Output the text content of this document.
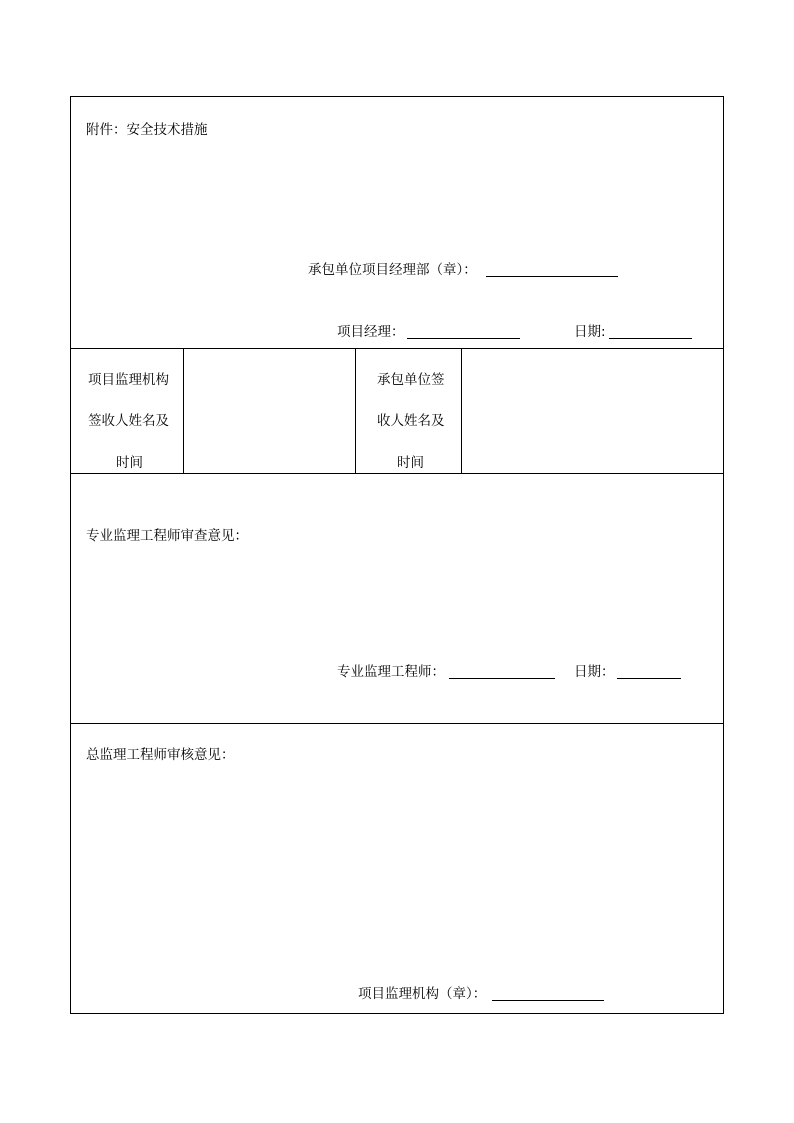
附件：安全技术措施
承包单位项目经理部（章）：
项目经理：	日期:
项目监理机构
签收人姓名及
时间
承包单位签
收人姓名及
时间
专业监理工程师审查意见：
专业监理工程师：	日期：
总监理工程师审核意见：
项目监理机构（章）：
